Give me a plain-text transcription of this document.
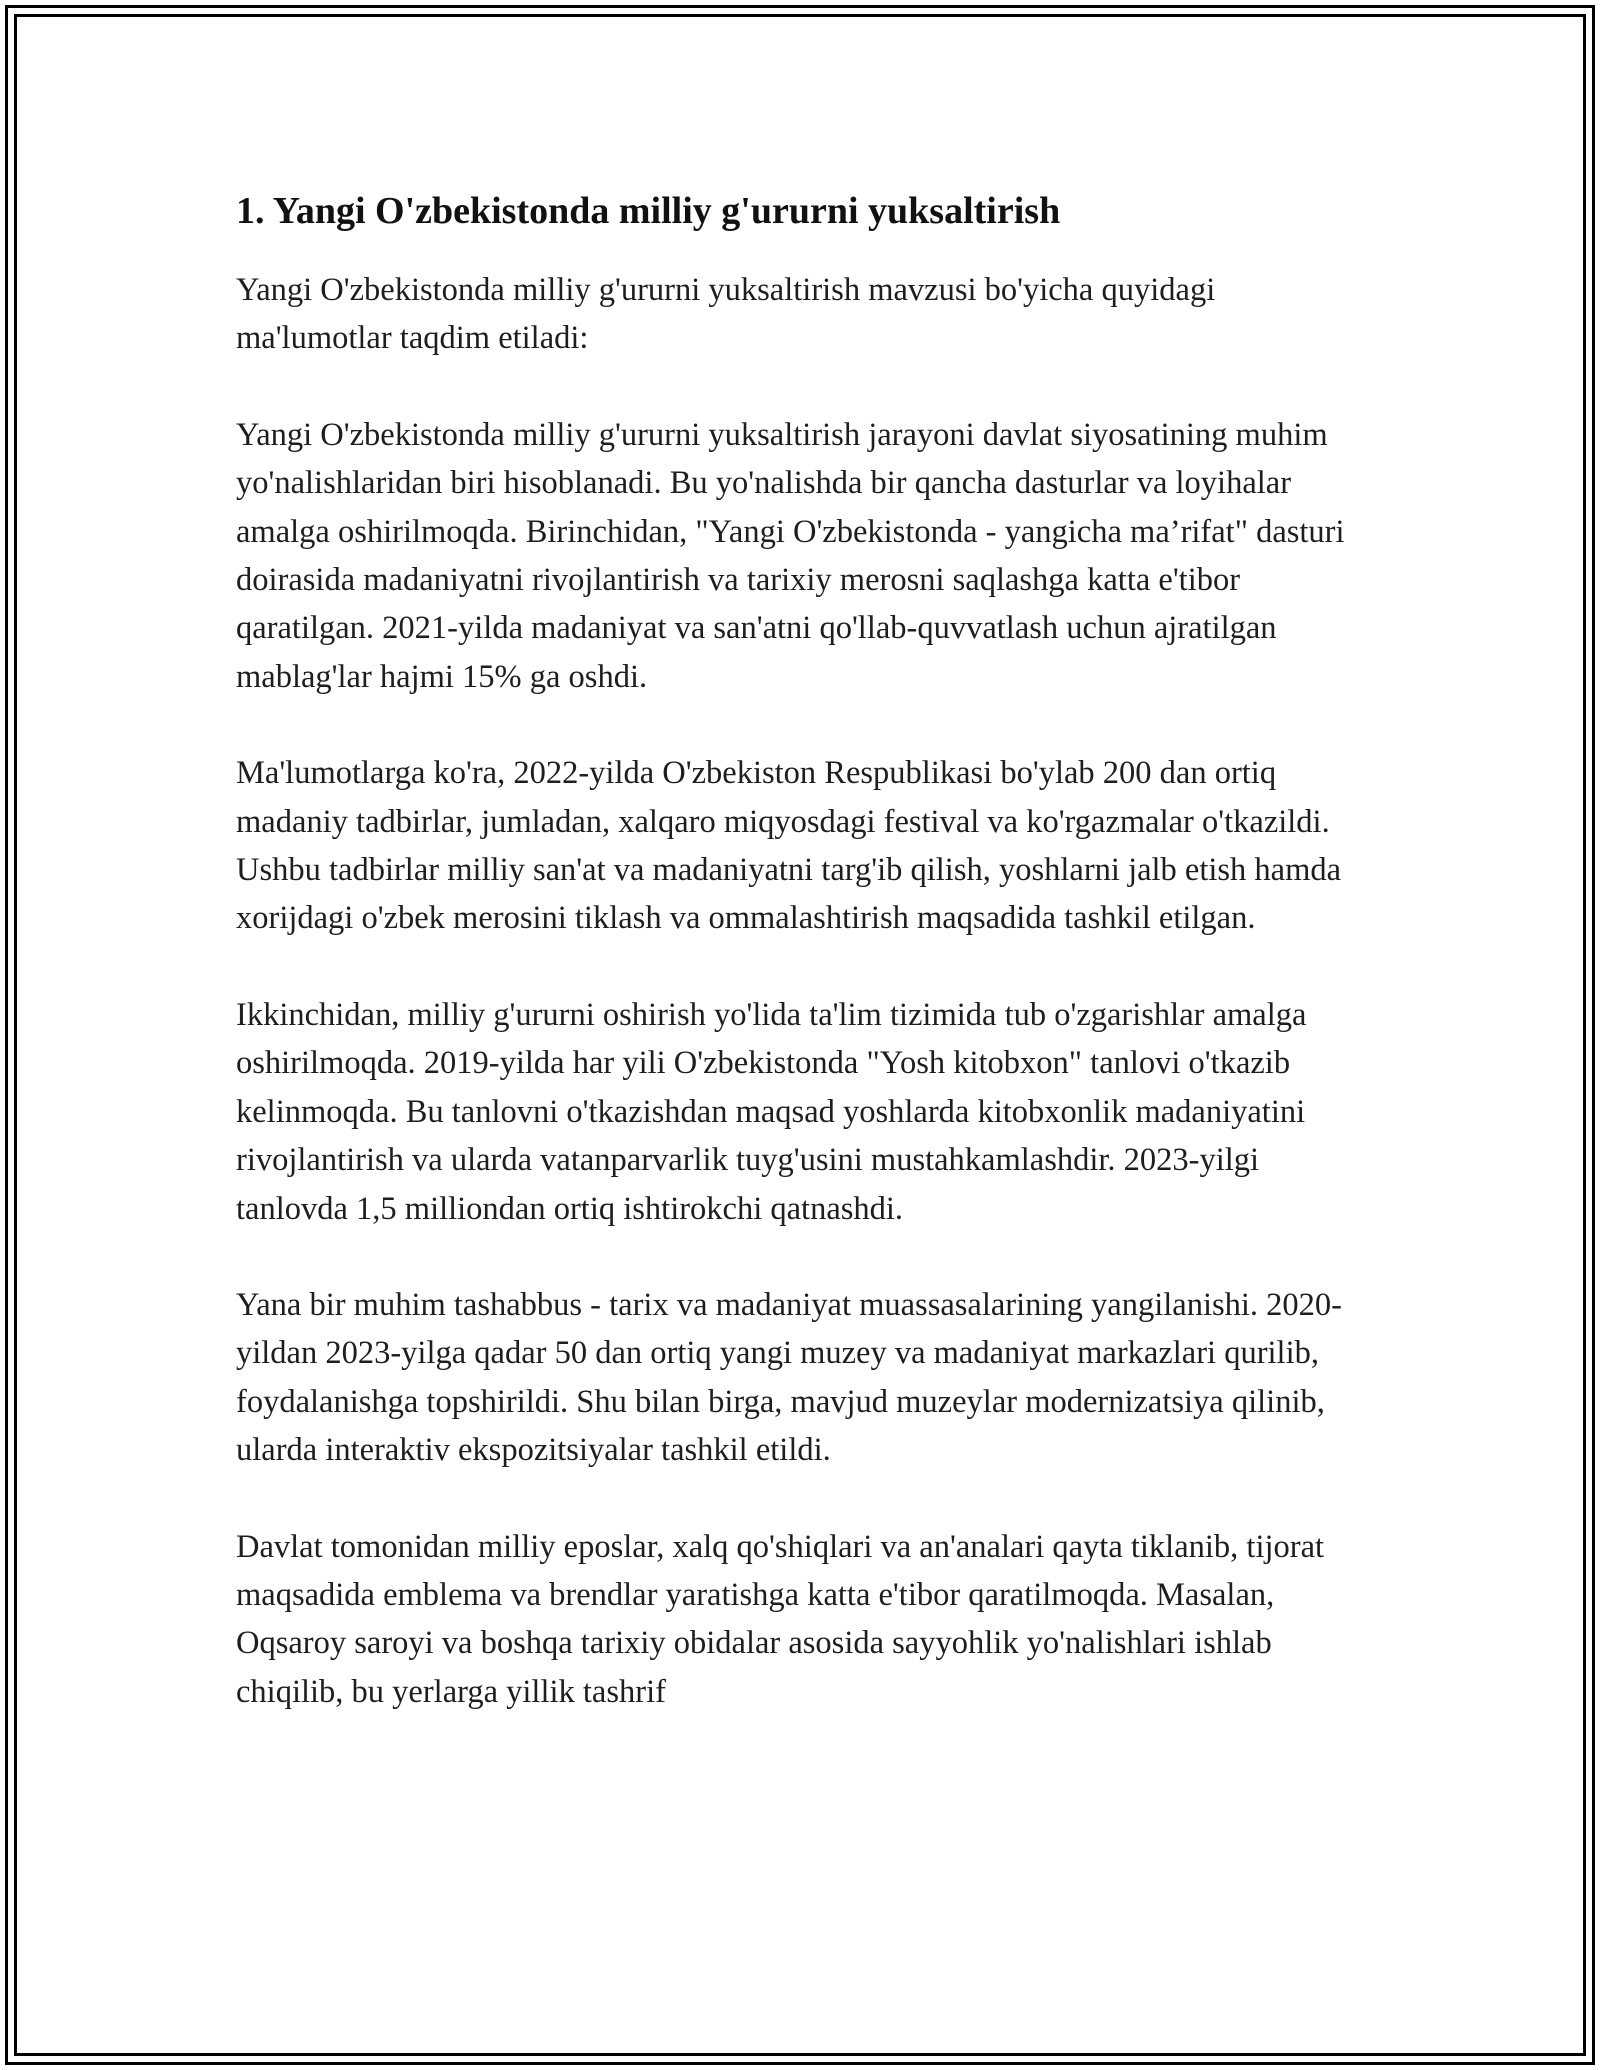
1. Yangi O'zbekistonda milliy g'ururni yuksaltirish

Yangi O'zbekistonda milliy g'ururni yuksaltirish mavzusi bo'yicha quyidagi ma'lumotlar taqdim etiladi:

Yangi O'zbekistonda milliy g'ururni yuksaltirish jarayoni davlat siyosatining muhim yo'nalishlaridan biri hisoblanadi. Bu yo'nalishda bir qancha dasturlar va loyihalar amalga oshirilmoqda. Birinchidan, "Yangi O'zbekistonda - yangicha ma’rifat" dasturi doirasida madaniyatni rivojlantirish va tarixiy merosni saqlashga katta e'tibor qaratilgan. 2021-yilda madaniyat va san'atni qo'llab-quvvatlash uchun ajratilgan mablag'lar hajmi 15% ga oshdi.

Ma'lumotlarga ko'ra, 2022-yilda O'zbekiston Respublikasi bo'ylab 200 dan ortiq madaniy tadbirlar, jumladan, xalqaro miqyosdagi festival va ko'rgazmalar o'tkazildi. Ushbu tadbirlar milliy san'at va madaniyatni targ'ib qilish, yoshlarni jalb etish hamda xorijdagi o'zbek merosini tiklash va ommalashtirish maqsadida tashkil etilgan.

Ikkinchidan, milliy g'ururni oshirish yo'lida ta'lim tizimida tub o'zgarishlar amalga oshirilmoqda. 2019-yilda har yili O'zbekistonda "Yosh kitobxon" tanlovi o'tkazib kelinmoqda. Bu tanlovni o'tkazishdan maqsad yoshlarda kitobxonlik madaniyatini rivojlantirish va ularda vatanparvarlik tuyg'usini mustahkamlashdir. 2023-yilgi tanlovda 1,5 milliondan ortiq ishtirokchi qatnashdi.

Yana bir muhim tashabbus - tarix va madaniyat muassasalarining yangilanishi. 2020-yildan 2023-yilga qadar 50 dan ortiq yangi muzey va madaniyat markazlari qurilib, foydalanishga topshirildi. Shu bilan birga, mavjud muzeylar modernizatsiya qilinib, ularda interaktiv ekspozitsiyalar tashkil etildi.

Davlat tomonidan milliy eposlar, xalq qo'shiqlari va an'analari qayta tiklanib, tijorat maqsadida emblema va brendlar yaratishga katta e'tibor qaratilmoqda. Masalan, Oqsaroy saroyi va boshqa tarixiy obidalar asosida sayyohlik yo'nalishlari ishlab chiqilib, bu yerlarga yillik tashrif
